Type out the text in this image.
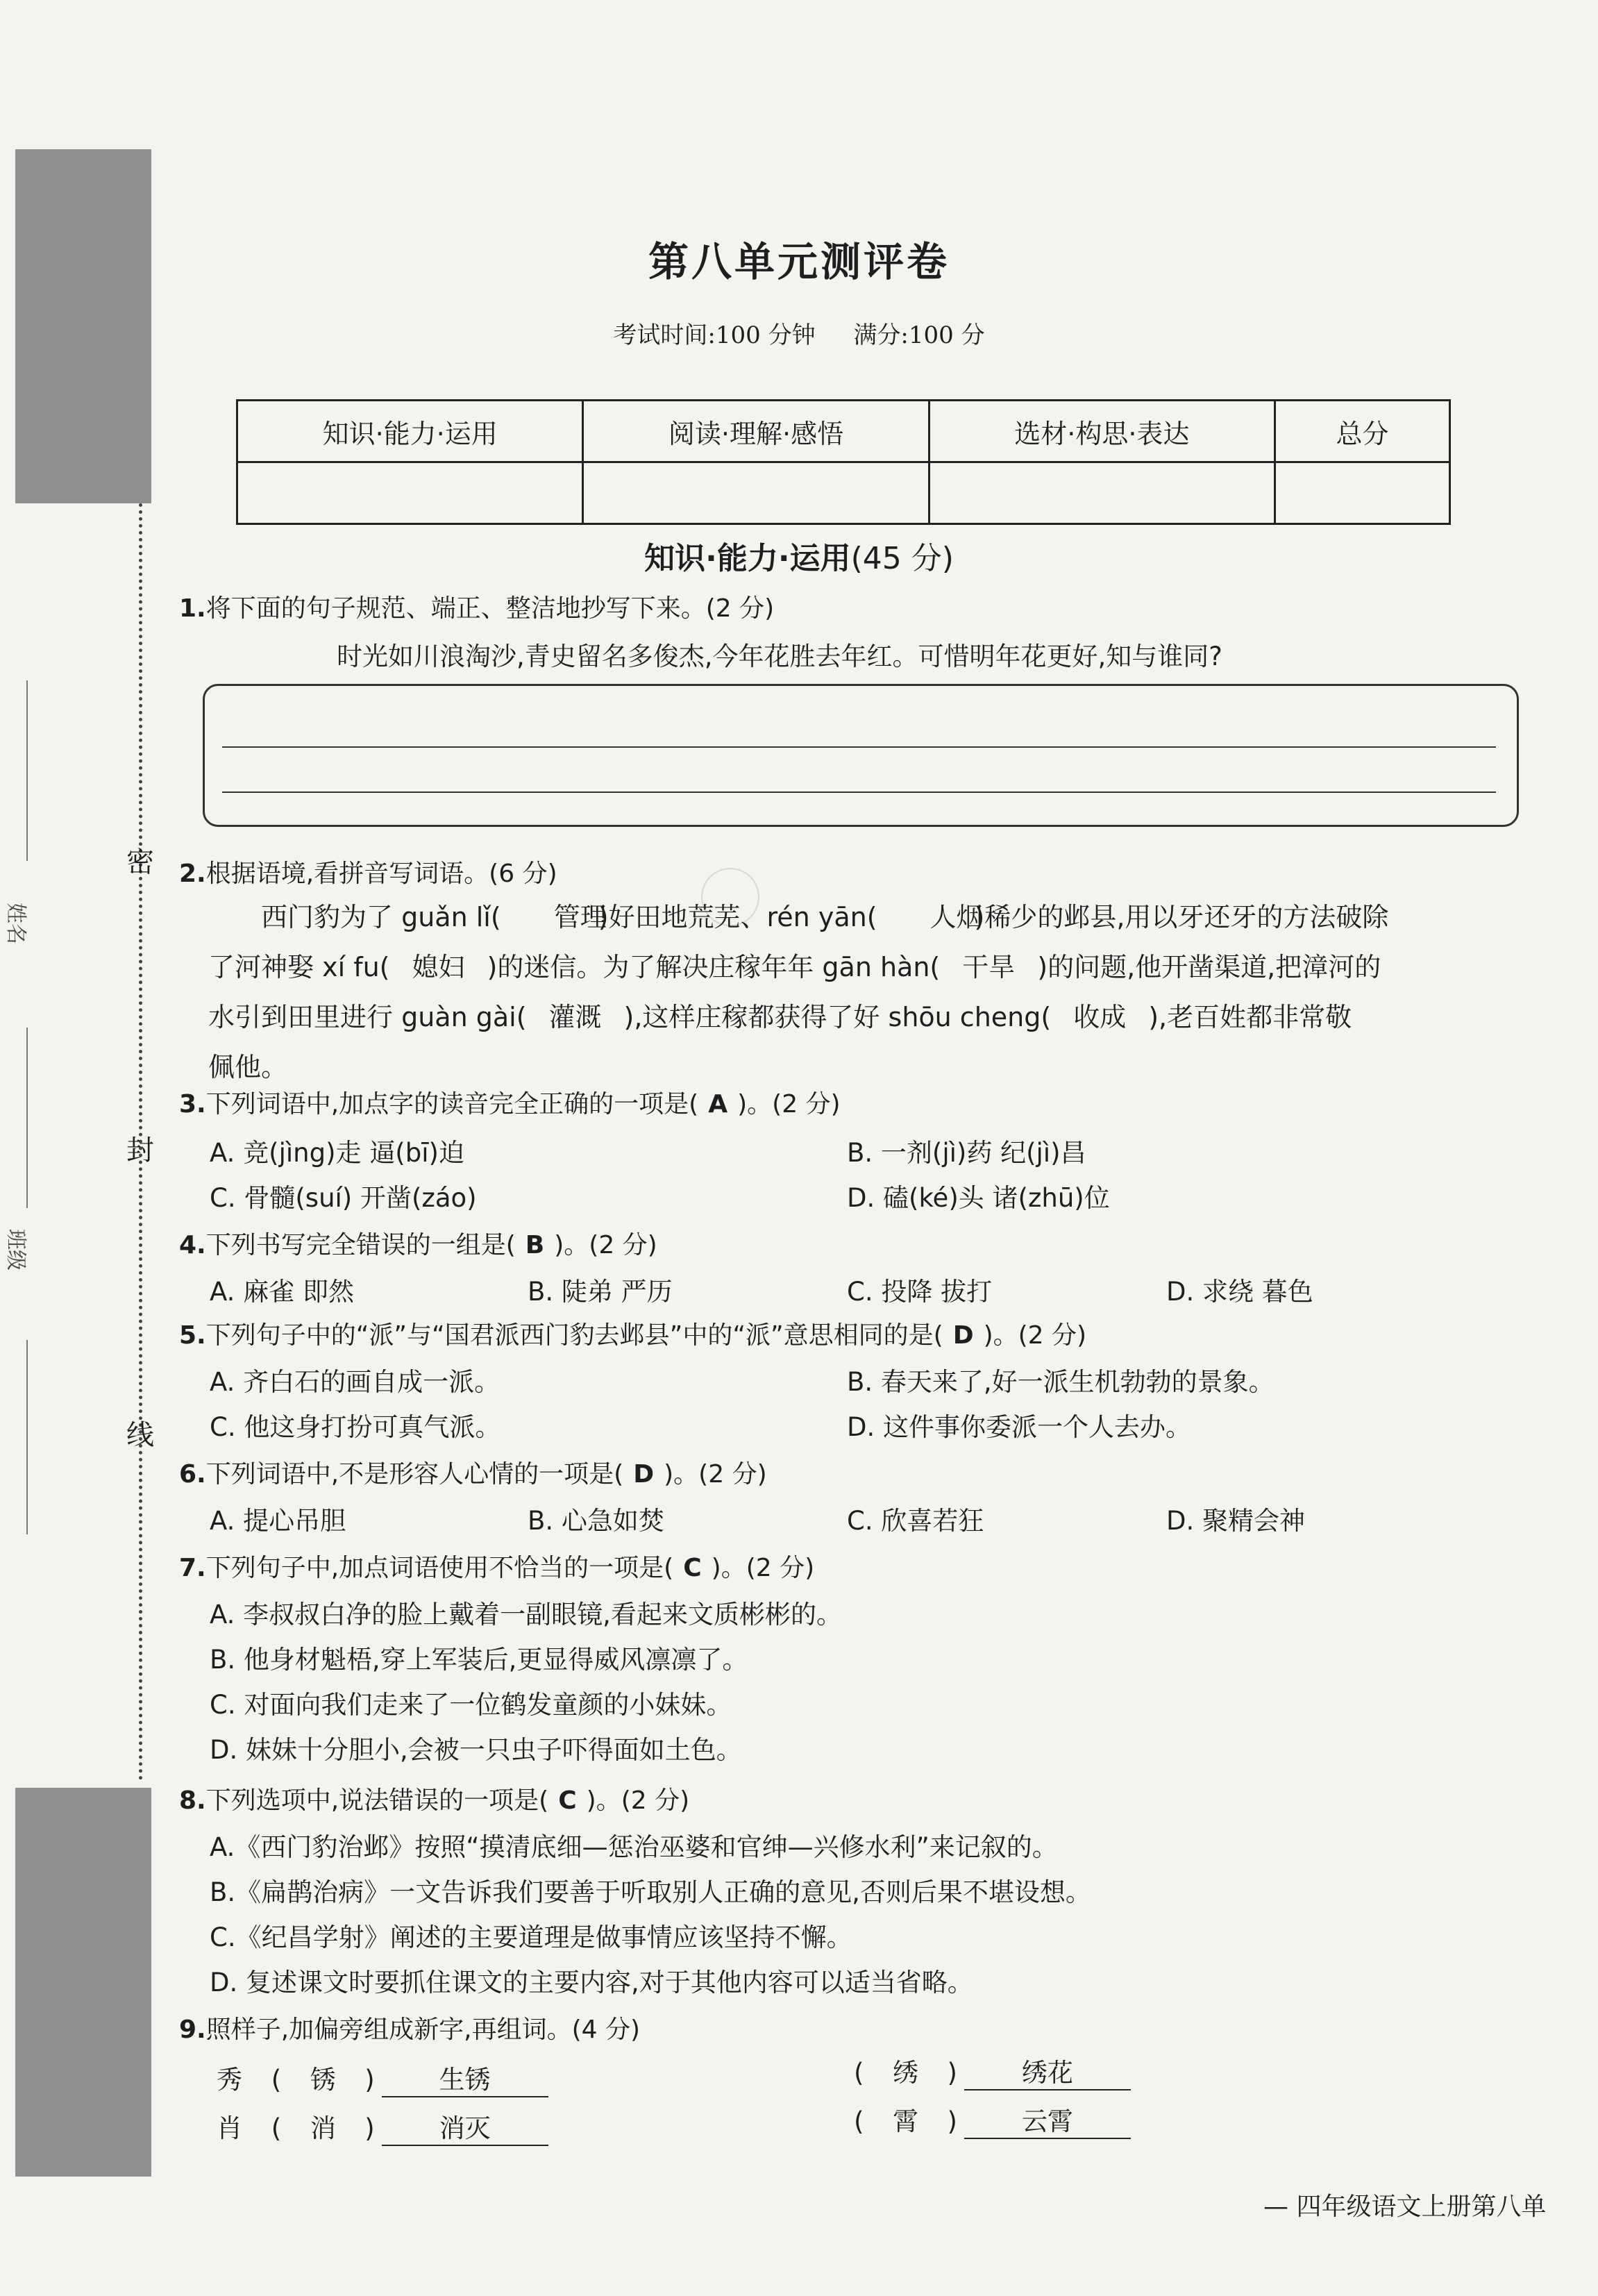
密
封
线
姓名
班级
第八单元测评卷
考试时间:100 分钟 满分:100 分
知识·能力·运用	阅读·理解·感悟	选材·构思·表达	总分

知识·能力·运用(45 分)
1.将下面的句子规范、端正、整洁地抄写下来。(2 分)
时光如川浪淘沙,青史留名多俊杰,今年花胜去年红。可惜明年花更好,知与谁同?
2.根据语境,看拼音写词语。(6 分)
西门豹为了 guǎn lǐ( 管理)好田地荒芜、rén yān( 人烟)稀少的邺县,用以牙还牙的方法破除
了河神娶 xí fu( 媳妇 )的迷信。为了解决庄稼年年 gān hàn( 干旱 )的问题,他开凿渠道,把漳河的
水引到田里进行 guàn gài( 灌溉 ),这样庄稼都获得了好 shōu cheng( 收成 ),老百姓都非常敬
佩他。
3.下列词语中,加点字的读音完全正确的一项是( A )。(2 分)
A. 竞(jìng)走 逼(bī)迫	B. 一剂(jì)药 纪(jì)昌
C. 骨髓(suí) 开凿(záo)	D. 磕(ké)头 诸(zhū)位
4.下列书写完全错误的一组是( B )。(2 分)
A. 麻雀 即然	B. 陡弟 严历	C. 投降 拔打	D. 求绕 暮色
5.下列句子中的“派”与“国君派西门豹去邺县”中的“派”意思相同的是( D )。(2 分)
A. 齐白石的画自成一派。	B. 春天来了,好一派生机勃勃的景象。
C. 他这身打扮可真气派。	D. 这件事你委派一个人去办。
6.下列词语中,不是形容人心情的一项是( D )。(2 分)
A. 提心吊胆	B. 心急如焚	C. 欣喜若狂	D. 聚精会神
7.下列句子中,加点词语使用不恰当的一项是( C )。(2 分)
A. 李叔叔白净的脸上戴着一副眼镜,看起来文质彬彬的。
B. 他身材魁梧,穿上军装后,更显得威风凛凛了。
C. 对面向我们走来了一位鹤发童颜的小妹妹。
D. 妹妹十分胆小,会被一只虫子吓得面如土色。
8.下列选项中,说法错误的一项是( C )。(2 分)
A.《西门豹治邺》按照“摸清底细—惩治巫婆和官绅—兴修水利”来记叙的。
B.《扁鹊治病》一文告诉我们要善于听取别人正确的意见,否则后果不堪设想。
C.《纪昌学射》阐述的主要道理是做事情应该坚持不懈。
D. 复述课文时要抓住课文的主要内容,对于其他内容可以适当省略。
9.照样子,加偏旁组成新字,再组词。(4 分)
秀 ( 锈 )	生锈
肖 ( 消 )	消灭
( 绣 )	绣花
( 霄 )	云霄
— 四年级语文上册第八单
